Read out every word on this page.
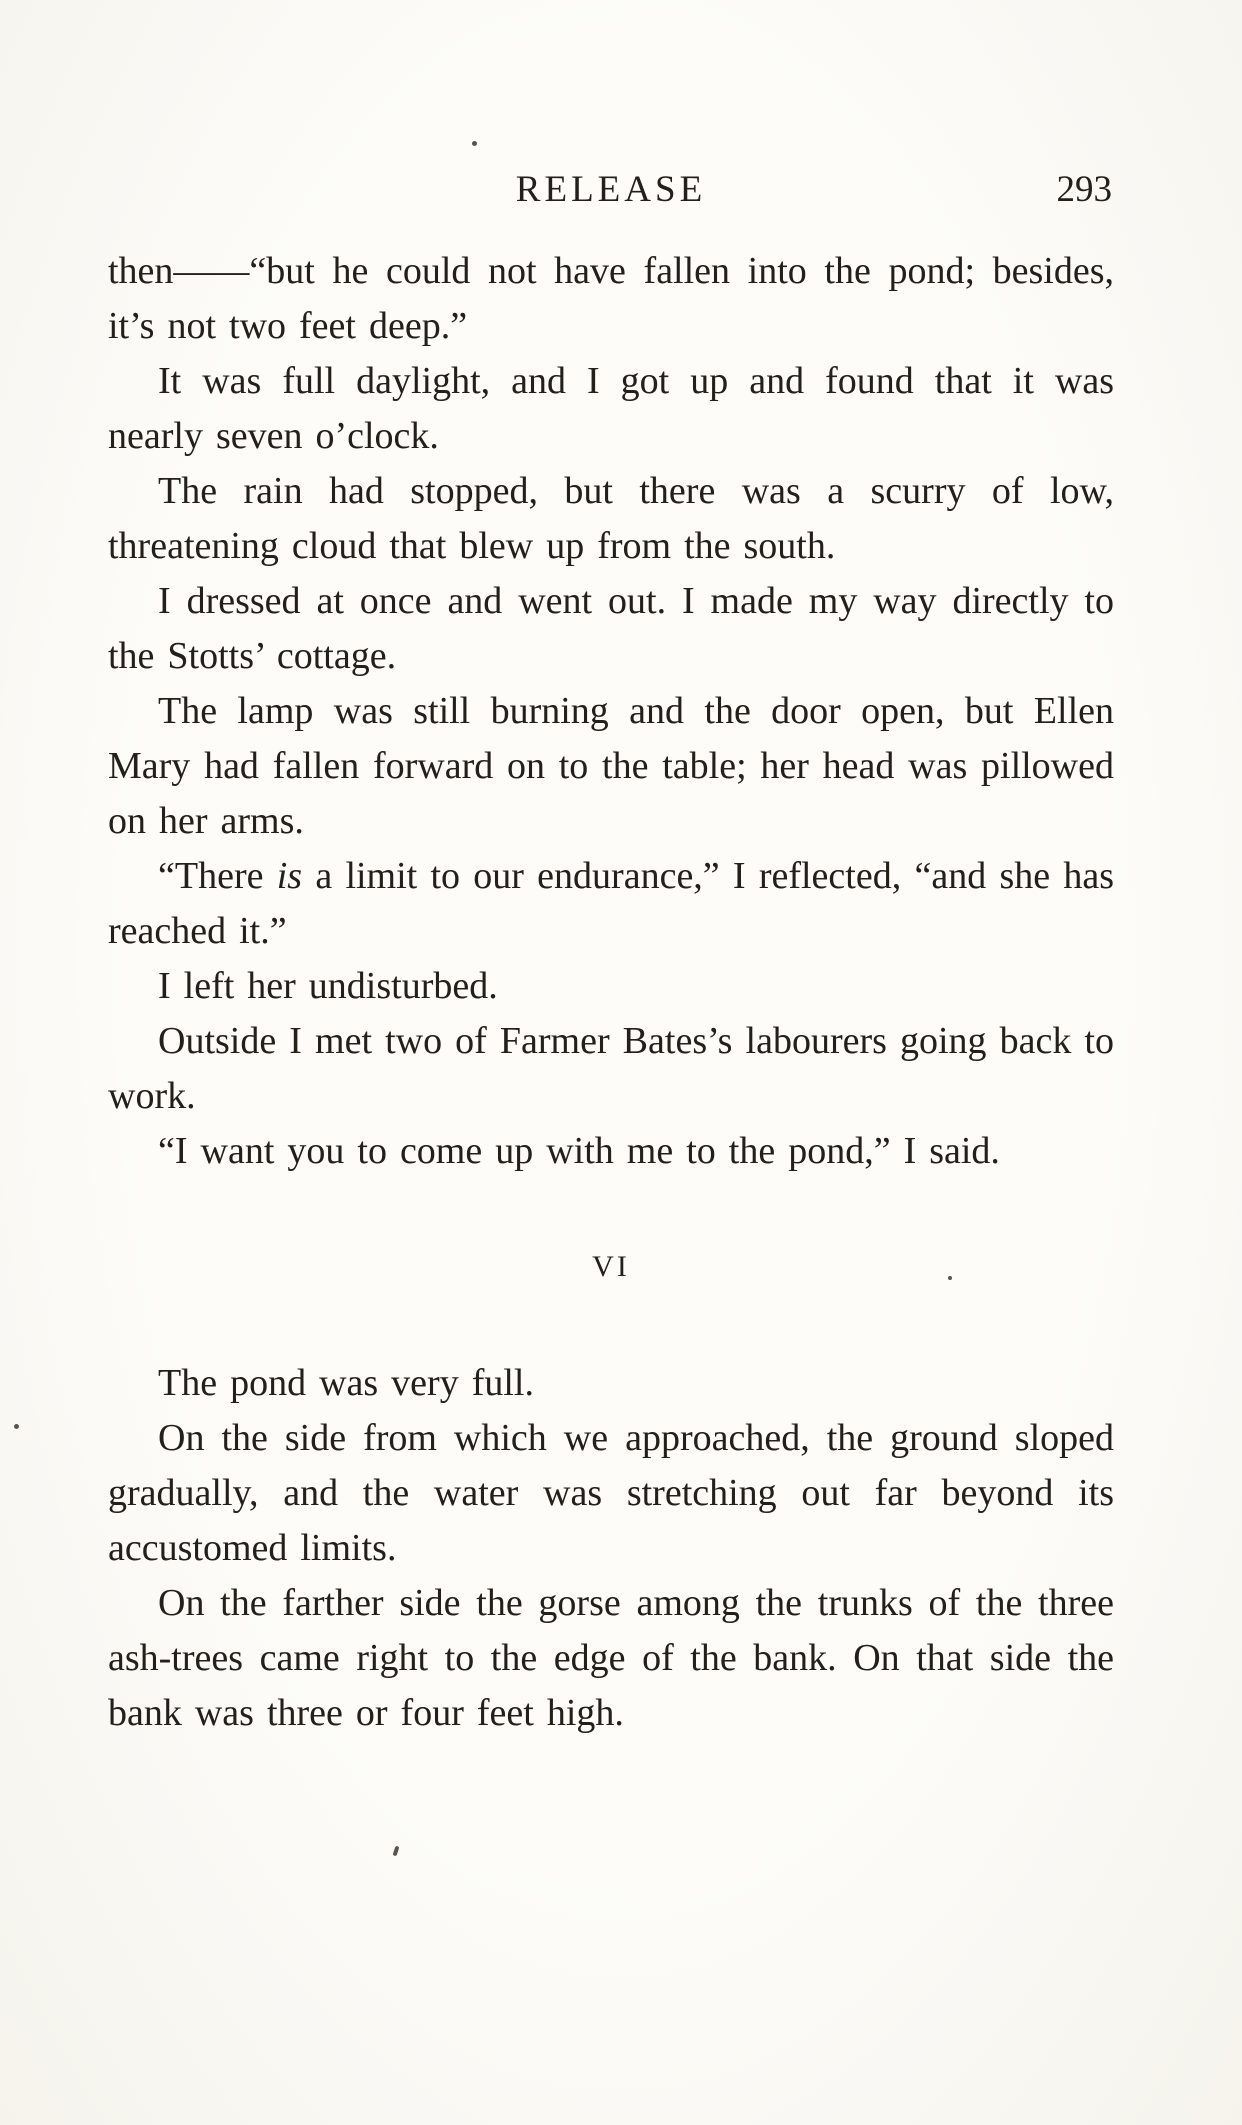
RELEASE	293

then——“but he could not have fallen into the pond; besides, it’s not two feet deep.”

It was full daylight, and I got up and found that it was nearly seven o’clock.

The rain had stopped, but there was a scurry of low, threatening cloud that blew up from the south.

I dressed at once and went out. I made my way directly to the Stotts’ cottage.

The lamp was still burning and the door open, but Ellen Mary had fallen forward on to the table; her head was pillowed on her arms.

“There is a limit to our endurance,” I reflected, “and she has reached it.”

I left her undisturbed.

Outside I met two of Farmer Bates’s labourers going back to work.

“I want you to come up with me to the pond,” I said.

VI

The pond was very full.

On the side from which we approached, the ground sloped gradually, and the water was stretching out far beyond its accustomed limits.

On the farther side the gorse among the trunks of the three ash-trees came right to the edge of the bank. On that side the bank was three or four feet high.
